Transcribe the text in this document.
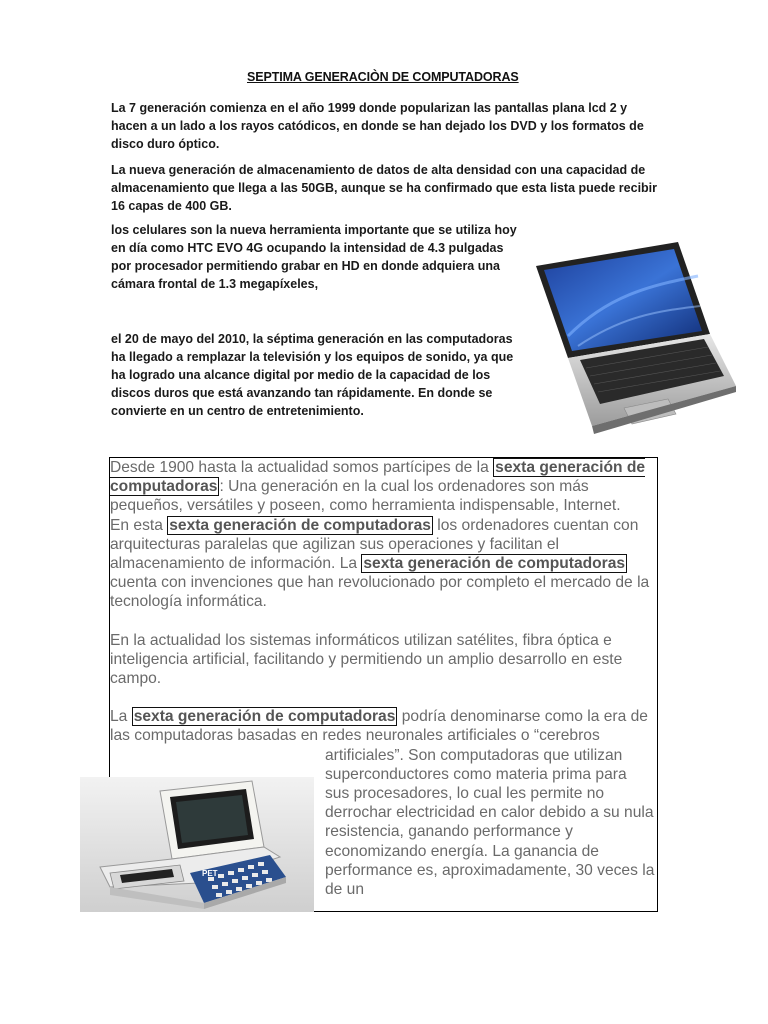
SEPTIMA GENERACIÒN DE COMPUTADORAS

La 7 generación comienza en el año 1999 donde popularizan las pantallas plana lcd 2 y hacen a un lado a los rayos catódicos, en donde se han dejado los DVD y los formatos de disco duro óptico.

La nueva generación de almacenamiento de datos de alta densidad con una capacidad de almacenamiento que llega a las 50GB, aunque se ha confirmado que esta lista puede recibir 16 capas de 400 GB.

los celulares son la nueva herramienta importante que se utiliza hoy en día como HTC EVO 4G ocupando la intensidad de 4.3 pulgadas por procesador permitiendo grabar en HD en donde adquiera una cámara frontal de 1.3 megapíxeles,

el 20 de mayo del 2010, la séptima generación en las computadoras ha llegado a remplazar la televisión y los equipos de sonido, ya que ha logrado una alcance digital por medio de la capacidad de los discos duros que está avanzando tan rápidamente. En donde se convierte en un centro de entretenimiento.

Desde 1900 hasta la actualidad somos partícipes de la sexta generación de computadoras : Una generación en la cual los ordenadores son más pequeños, versátiles y poseen, como herramienta indispensable, Internet.

En esta sexta generación de computadoras los ordenadores cuentan con arquitecturas paralelas que agilizan sus operaciones y facilitan el almacenamiento de información. La sexta generación de computadoras cuenta con invenciones que han revolucionado por completo el mercado de la tecnología informática.

En la actualidad los sistemas informáticos utilizan satélites, fibra óptica e inteligencia artificial, facilitando y permitiendo un amplio desarrollo en este campo.

La sexta generación de computadoras podría denominarse como la era de las computadoras basadas en redes neuronales artificiales o
“cerebros artificiales”. Son computadoras que utilizan superconductores como materia prima para sus procesadores, lo cual les permite no derrochar electricidad en calor debido a su nula resistencia, ganando performance y economizando energía. La ganancia de performance es, aproximadamente, 30 veces la de un

PET
